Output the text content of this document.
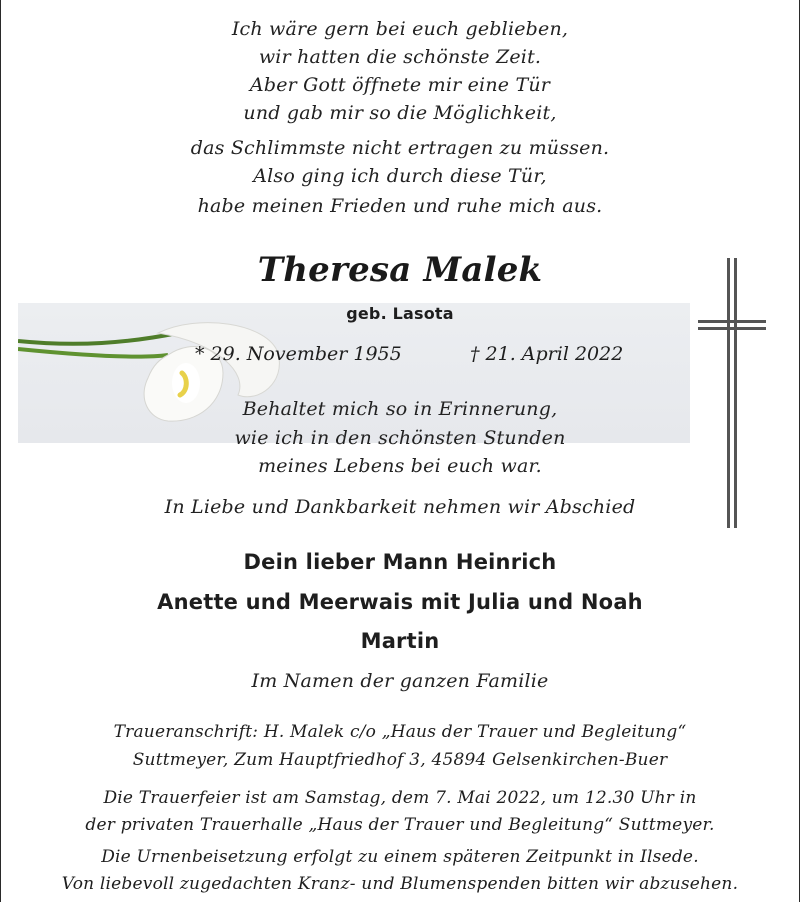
Ich wäre gern bei euch geblieben,
wir hatten die schönste Zeit.
Aber Gott öffnete mir eine Tür
und gab mir so die Möglichkeit,
das Schlimmste nicht ertragen zu müssen.
Also ging ich durch diese Tür,
habe meinen Frieden und ruhe mich aus.
Theresa Malek
geb. Lasota
* 29. November 1955	† 21. April 2022
Behaltet mich so in Erinnerung,
wie ich in den schönsten Stunden
meines Lebens bei euch war.
In Liebe und Dankbarkeit nehmen wir Abschied
Dein lieber Mann Heinrich
Anette und Meerwais mit Julia und Noah
Martin
Im Namen der ganzen Familie
Traueranschrift: H. Malek c/o „Haus der Trauer und Begleitung“
Suttmeyer, Zum Hauptfriedhof 3, 45894 Gelsenkirchen-Buer
Die Trauerfeier ist am Samstag, dem 7. Mai 2022, um 12.30 Uhr in
der privaten Trauerhalle „Haus der Trauer und Begleitung“ Suttmeyer.
Die Urnenbeisetzung erfolgt zu einem späteren Zeitpunkt in Ilsede.
Von liebevoll zugedachten Kranz- und Blumenspenden bitten wir abzusehen.
